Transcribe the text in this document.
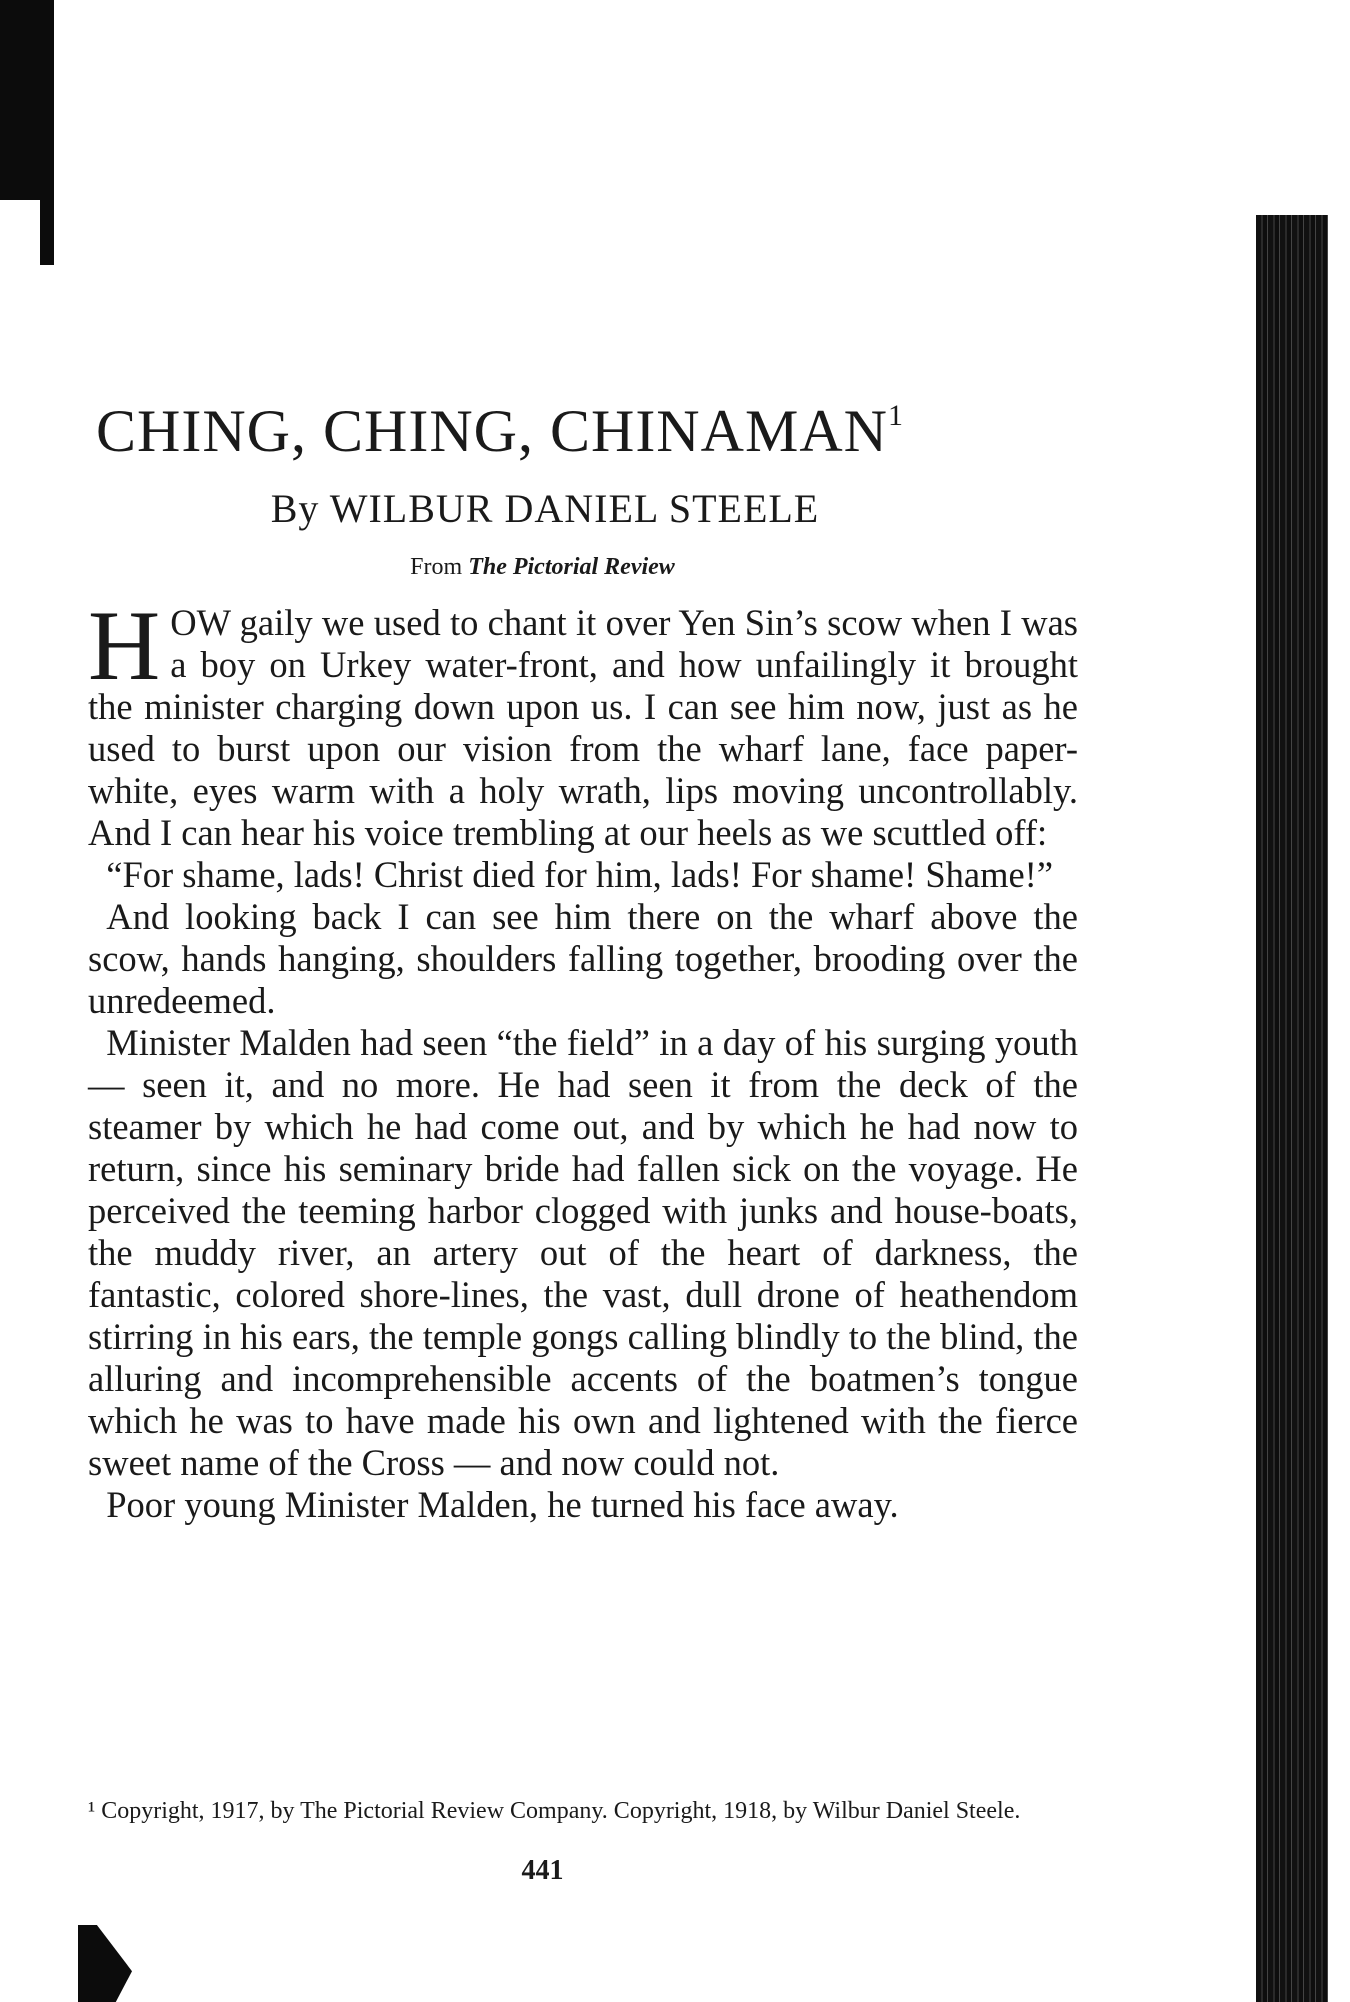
CHING, CHING, CHINAMAN$^1$
By WILBUR DANIEL STEELE
From The Pictorial Review

HOW gaily we used to chant it over Yen Sin’s scow when I was a boy on Urkey water-front, and how unfailingly it brought the minister charging down upon us. I can see him now, just as he used to burst upon our vision from the wharf lane, face paper-white, eyes warm with a holy wrath, lips moving uncontrollably. And I can hear his voice trembling at our heels as we scuttled off:

“For shame, lads! Christ died for him, lads! For shame! Shame!”

And looking back I can see him there on the wharf above the scow, hands hanging, shoulders falling together, brooding over the unredeemed.

Minister Malden had seen “the field” in a day of his surging youth — seen it, and no more. He had seen it from the deck of the steamer by which he had come out, and by which he had now to return, since his seminary bride had fallen sick on the voyage. He perceived the teeming harbor clogged with junks and house-boats, the muddy river, an artery out of the heart of darkness, the fantastic, colored shore-lines, the vast, dull drone of heathendom stirring in his ears, the temple gongs calling blindly to the blind, the alluring and incomprehensible accents of the boatmen’s tongue which he was to have made his own and lightened with the fierce sweet name of the Cross — and now could not.

Poor young Minister Malden, he turned his face away.

¹ Copyright, 1917, by The Pictorial Review Company. Copyright, 1918, by Wilbur Daniel Steele.
441
